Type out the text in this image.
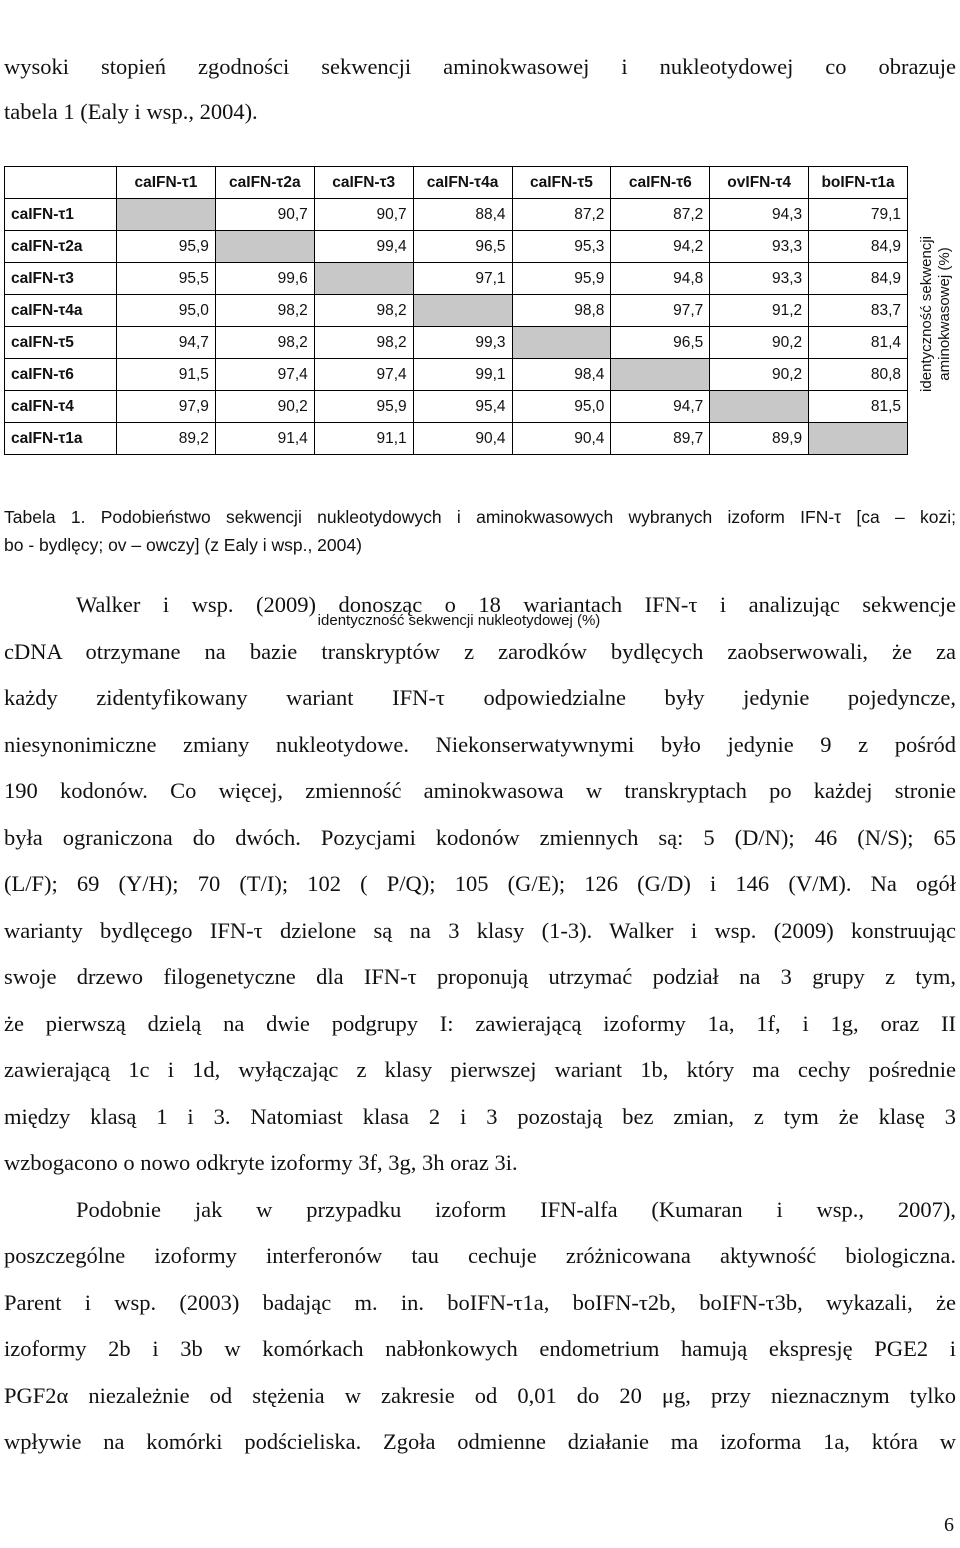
wysoki stopień zgodności sekwencji aminokwasowej i nukleotydowej co obrazuje
tabela 1 (Ealy i wsp., 2004).
	caIFN-τ1	caIFN-τ2a	caIFN-τ3	caIFN-τ4a	caIFN-τ5	caIFN-τ6	ovIFN-τ4	boIFN-τ1a
caIFN-τ1		90,7	90,7	88,4	87,2	87,2	94,3	79,1
caIFN-τ2a	95,9		99,4	96,5	95,3	94,2	93,3	84,9
caIFN-τ3	95,5	99,6		97,1	95,9	94,8	93,3	84,9
caIFN-τ4a	95,0	98,2	98,2		98,8	97,7	91,2	83,7
caIFN-τ5	94,7	98,2	98,2	99,3		96,5	90,2	81,4
caIFN-τ6	91,5	97,4	97,4	99,1	98,4		90,2	80,8
caIFN-τ4	97,9	90,2	95,9	95,4	95,0	94,7		81,5
caIFN-τ1a	89,2	91,4	91,1	90,4	90,4	89,7	89,9	
identyczność sekwencji nukleotydowej (%)
identyczność sekwencji aminokwasowej (%)
Tabela 1. Podobieństwo sekwencji nukleotydowych i aminokwasowych wybranych izoform IFN-τ [ca – kozi;
bo - bydlęcy; ov – owczy] (z Ealy i wsp., 2004)
Walker i wsp. (2009) donosząc o 18 wariantach IFN-τ i analizując sekwencje
cDNA otrzymane na bazie transkryptów z zarodków bydlęcych zaobserwowali, że za
każdy zidentyfikowany wariant IFN-τ odpowiedzialne były jedynie pojedyncze,
niesynonimiczne zmiany nukleotydowe. Niekonserwatywnymi było jedynie 9 z pośród
190 kodonów. Co więcej, zmienność aminokwasowa w transkryptach po każdej stronie
była ograniczona do dwóch. Pozycjami kodonów zmiennych są: 5 (D/N); 46 (N/S); 65
(L/F); 69 (Y/H); 70 (T/I); 102 ( P/Q); 105 (G/E); 126 (G/D) i 146 (V/M). Na ogół
warianty bydlęcego IFN-τ dzielone są na 3 klasy (1-3). Walker i wsp. (2009) konstruując
swoje drzewo filogenetyczne dla IFN-τ proponują utrzymać podział na 3 grupy z tym,
że pierwszą dzielą na dwie podgrupy I: zawierającą izoformy 1a, 1f, i 1g, oraz II
zawierającą 1c i 1d, wyłączając z klasy pierwszej wariant 1b, który ma cechy pośrednie
między klasą 1 i 3. Natomiast klasa 2 i 3 pozostają bez zmian, z tym że klasę 3
wzbogacono o nowo odkryte izoformy 3f, 3g, 3h oraz 3i.
Podobnie jak w przypadku izoform IFN-alfa (Kumaran i wsp., 2007),
poszczególne izoformy interferonów tau cechuje zróżnicowana aktywność biologiczna.
Parent i wsp. (2003) badając m. in. boIFN-τ1a, boIFN-τ2b, boIFN-τ3b, wykazali, że
izoformy 2b i 3b w komórkach nabłonkowych endometrium hamują ekspresję PGE2 i
PGF2α niezależnie od stężenia w zakresie od 0,01 do 20 μg, przy nieznacznym tylko
wpływie na komórki podścieliska. Zgoła odmienne działanie ma izoforma 1a, która w
6
